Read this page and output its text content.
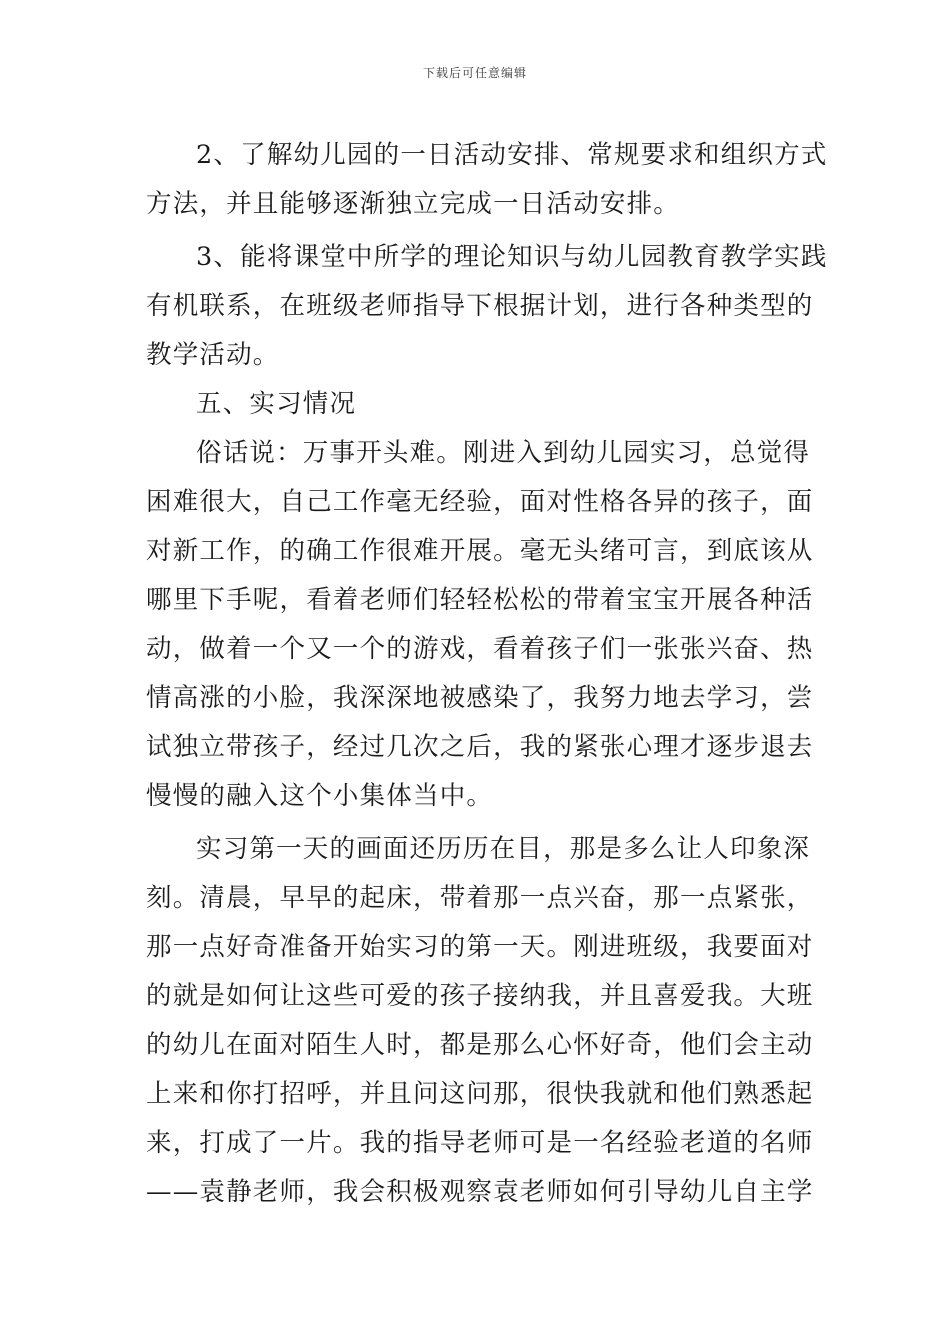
下载后可任意编辑
2、了解幼儿园的一日活动安排、常规要求和组织方式
方法，并且能够逐渐独立完成一日活动安排。
3、能将课堂中所学的理论知识与幼儿园教育教学实践
有机联系，在班级老师指导下根据计划，进行各种类型的
教学活动。
五、实习情况
俗话说：万事开头难。刚进入到幼儿园实习，总觉得
困难很大，自己工作毫无经验，面对性格各异的孩子，面
对新工作，的确工作很难开展。毫无头绪可言，到底该从
哪里下手呢，看着老师们轻轻松松的带着宝宝开展各种活
动，做着一个又一个的游戏，看着孩子们一张张兴奋、热
情高涨的小脸，我深深地被感染了，我努力地去学习，尝
试独立带孩子，经过几次之后，我的紧张心理才逐步退去
慢慢的融入这个小集体当中。
实习第一天的画面还历历在目，那是多么让人印象深
刻。清晨，早早的起床，带着那一点兴奋，那一点紧张，
那一点好奇准备开始实习的第一天。刚进班级，我要面对
的就是如何让这些可爱的孩子接纳我，并且喜爱我。大班
的幼儿在面对陌生人时，都是那么心怀好奇，他们会主动
上来和你打招呼，并且问这问那，很快我就和他们熟悉起
来，打成了一片。我的指导老师可是一名经验老道的名师
——袁静老师，我会积极观察袁老师如何引导幼儿自主学
